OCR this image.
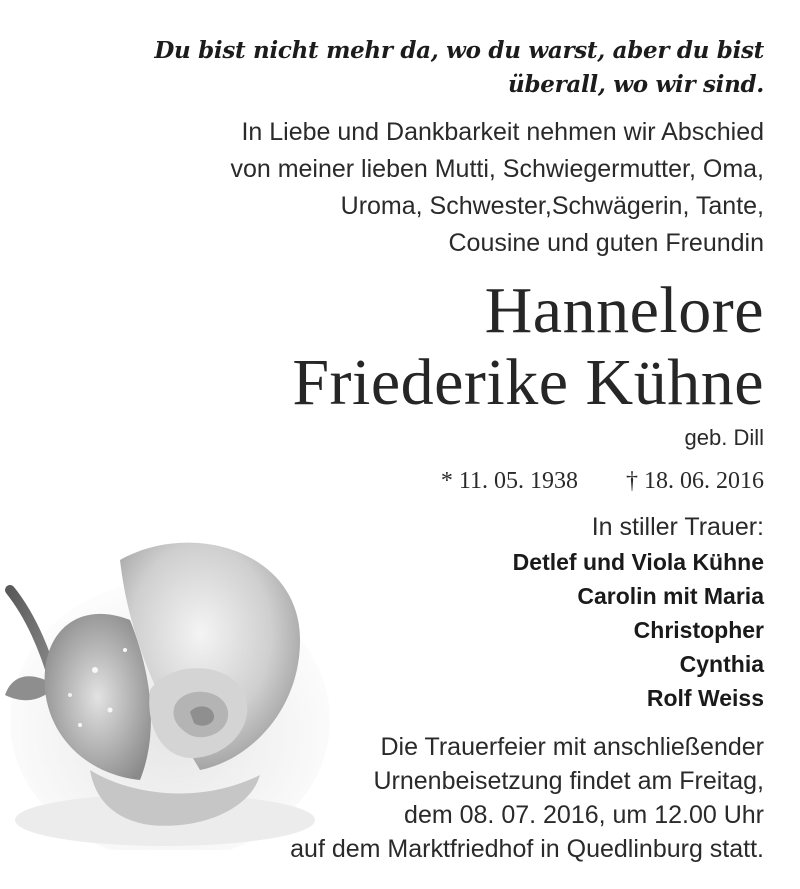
Du bist nicht mehr da, wo du warst, aber du bist
überall, wo wir sind.
In Liebe und Dankbarkeit nehmen wir Abschied
von meiner lieben Mutti, Schwiegermutter, Oma,
Uroma, Schwester,Schwägerin, Tante,
Cousine und guten Freundin
Hannelore
Friederike Kühne
geb. Dill
* 11. 05. 1938 † 18. 06. 2016
In stiller Trauer:
Detlef und Viola Kühne
Carolin mit Maria
Christopher
Cynthia
Rolf Weiss
Die Trauerfeier mit anschließender
Urnenbeisetzung findet am Freitag,
dem 08. 07. 2016, um 12.00 Uhr
auf dem Marktfriedhof in Quedlinburg statt.
